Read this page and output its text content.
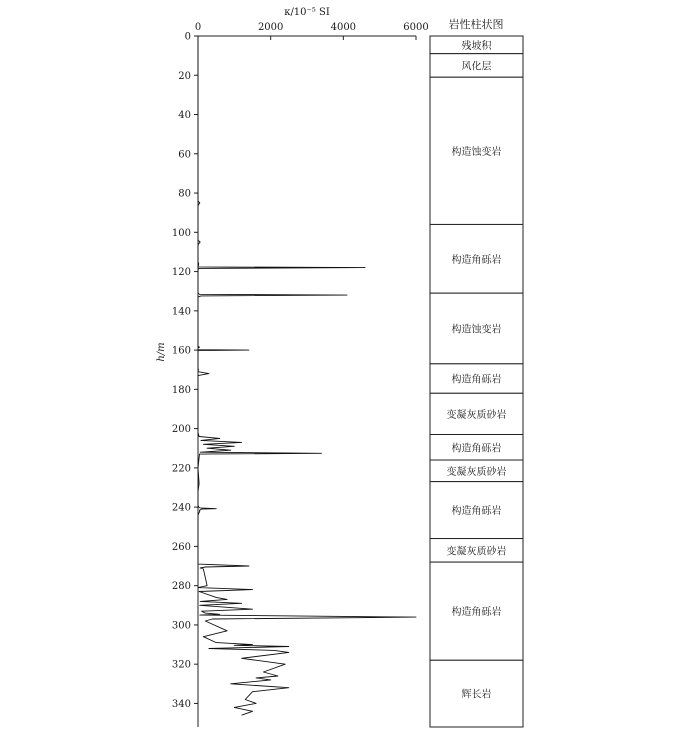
κ/10⁻⁵ SI
h/m
0	2000	4000	6000
0
20
40
60
80
100
120
140
160
180
200
220
240
260
280
300
320
340
岩性柱状图
残坡积
风化层
构造蚀变岩
构造角砾岩
构造蚀变岩
构造角砾岩
变凝灰质砂岩
构造角砾岩
变凝灰质砂岩
构造角砾岩
变凝灰质砂岩
构造角砾岩
辉长岩
